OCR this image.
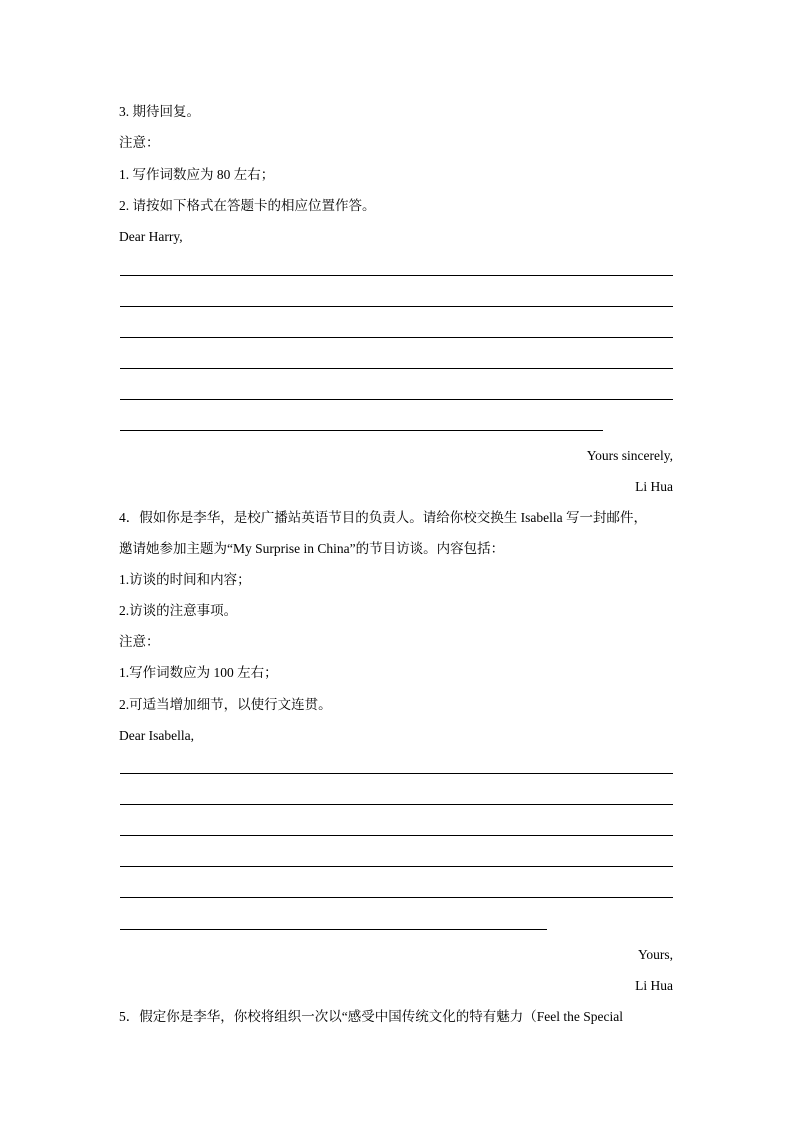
3. 期待回复。
注意：
1. 写作词数应为 80 左右；
2. 请按如下格式在答题卡的相应位置作答。
Dear Harry,
Yours sincerely,
Li Hua
4．假如你是李华，是校广播站英语节目的负责人。请给你校交换生 Isabella 写一封邮件，
邀请她参加主题为“My Surprise in China”的节目访谈。内容包括：
1.访谈的时间和内容；
2.访谈的注意事项。
注意：
1.写作词数应为 100 左右；
2.可适当增加细节，以使行文连贯。
Dear Isabella,
Yours,
Li Hua
5．假定你是李华，你校将组织一次以“感受中国传统文化的特有魅力（Feel the Special
